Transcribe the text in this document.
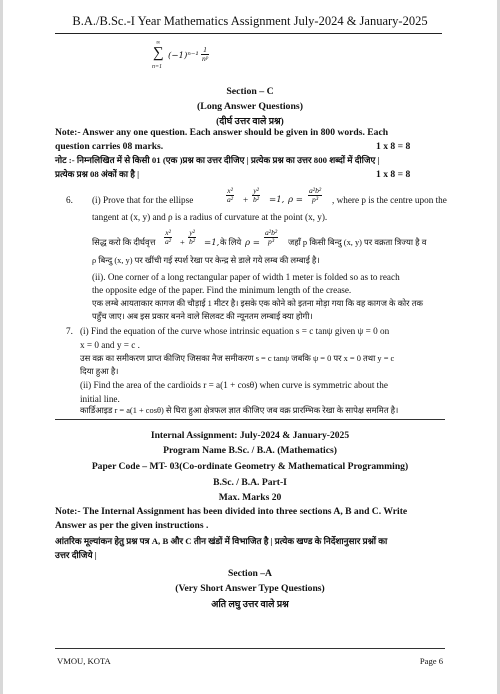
B.A./B.Sc.-I Year Mathematics Assignment July-2024 & January-2025
∞
∑
n=1
$(-1)^{n-1} \frac{1}{\text{nᵖ}}$
Section – C
(Long Answer Questions)
(दीर्घ उत्तर वाले प्रश्न)
Note:- Answer any one question. Each answer should be given in 800 words. Each
question carries 08 marks.	1 x 8 = 8
नोट :- निम्नलिखित में से किसी 01 (एक )प्रश्न का उत्तर दीजिए | प्रत्येक प्रश्न का उत्तर 800 शब्दों में दीजिए |
प्रत्येक प्रश्न 08 अंकों का है |	1 x 8 = 8
6. (i) Prove that for the ellipse	$\frac{\text{x²}}{\text{a²}} + \frac{\text{y²}}{\text{b²}} =1$, $\rho = \frac{\text{a²b²}}{\text{p³}}$ , where p is the centre upon the
tangent at (x, y) and ρ is a radius of curvature at the point (x, y).
सिद्ध करो कि दीर्घवृत्त $\frac{\text{x²}}{\text{a²}} + \frac{\text{y²}}{\text{b²}} =1$, के लिये $\rho = \frac{\text{a²b²}}{\text{p³}}$ जहाँ p किसी बिन्दु (x, y) पर वक्रता त्रिज्या है व
ρ बिन्दु (x, y) पर खींची गई स्पर्श रेखा पर केन्द्र से डाले गये लम्ब की लम्बाई है।
(ii). One corner of a long rectangular paper of width 1 meter is folded so as to reach
the opposite edge of the paper. Find the minimum length of the crease.
एक लम्बे आयताकार कागज की चौड़ाई 1 मीटर है। इसके एक कोने को इतना मोड़ा गया कि वह कागज के कोर तक
पहुँच जाए। अब इस प्रकार बनने वाले सिलवट की न्यूनतम लम्बाई क्या होगी।
7. (i) Find the equation of the curve whose intrinsic equation s = c tanψ given ψ = 0 on
x = 0 and y = c .
उस वक्र का समीकरण प्राप्त कीजिए जिसका नैज समीकरण s = c tanψ जबकि ψ = 0 पर x = 0 तथा y = c
दिया हुआ है।
(ii) Find the area of the cardioids r = a(1 + cosθ) when curve is symmetric about the
initial line.
कार्डिआइड r = a(1 + cosθ) से घिरा हुआ क्षेत्रफल ज्ञात कीजिए जब वक्र प्रारम्भिक रेखा के सापेक्ष सममित है।
Internal Assignment: July-2024 & January-2025
Program Name B.Sc. / B.A. (Mathematics)
Paper Code – MT- 03(Co-ordinate Geometry & Mathematical Programming)
B.Sc. / B.A. Part-I
Max. Marks 20
Note:- The Internal Assignment has been divided into three sections A, B and C. Write
Answer as per the given instructions .
आंतरिक मूल्यांकन हेतु प्रश्न पत्र A, B और C तीन खंडों में विभाजित है | प्रत्येक खण्ड के निर्देशानुसार प्रश्नों का
उत्तर दीजिये |
Section –A
(Very Short Answer Type Questions)
अति लघु उत्तर वाले प्रश्न
VMOU, KOTA	Page 6
